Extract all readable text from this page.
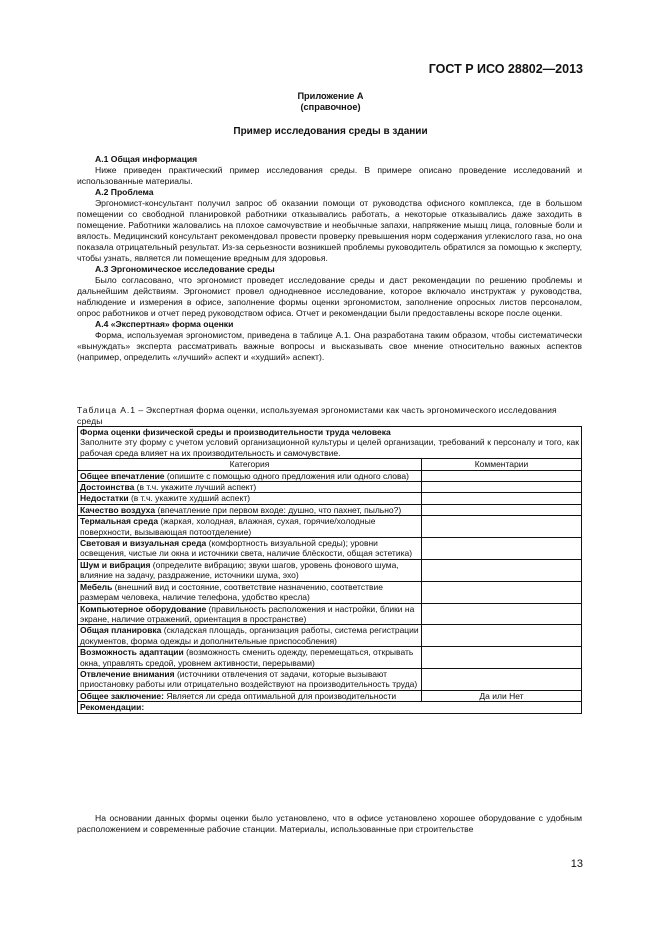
ГОСТ Р ИСО 28802—2013
Приложение А
(справочное)
Пример исследования среды в здании

А.1 Общая информация

Ниже приведен практический пример исследования среды. В примере описано проведение исследований и использованные материалы.

А.2 Проблема

Эргономист-консультант получил запрос об оказании помощи от руководства офисного комплекса, где в большом помещении со свободной планировкой работники отказывались работать, а некоторые отказывались даже заходить в помещение. Работники жаловались на плохое самочувствие и необычные запахи, напряжение мышц лица, головные боли и вялость. Медицинский консультант рекомендовал провести проверку превышения норм содержания углекислого газа, но она показала отрицательный результат. Из-за серьезности возникшей проблемы руководитель обратился за помощью к эксперту, чтобы узнать, является ли помещение вредным для здоровья.

А.3 Эргономическое исследование среды

Было согласовано, что эргономист проведет исследование среды и даст рекомендации по решению проблемы и дальнейшим действиям. Эргономист провел однодневное исследование, которое включало инструктаж у руководства, наблюдение и измерения в офисе, заполнение формы оценки эргономистом, заполнение опросных листов персоналом, опрос работников и отчет перед руководством офиса. Отчет и рекомендации были предоставлены вскоре после оценки.

А.4 «Экспертная» форма оценки

Форма, используемая эргономистом, приведена в таблице А.1. Она разработана таким образом, чтобы систематически «вынуждать» эксперта рассматривать важные вопросы и высказывать свое мнение относительно важных аспектов (например, определить «лучший» аспект и «худший» аспект).

Таблица А.1 – Экспертная форма оценки, используемая эргономистами как часть эргономического исследования среды
Форма оценки физической среды и производительности труда человека
Заполните эту форму с учетом условий организационной культуры и целей организации, требований к персоналу и того, как рабочая среда влияет на их производительность и самочувствие.	

Категория	Комментарии
Общее впечатление (опишите с помощью одного предложения или одного слова)	
Достоинства (в т.ч. укажите лучший аспект)	
Недостатки (в т.ч. укажите худший аспект)	
Качество воздуха (впечатление при первом входе: душно, что пахнет, пыльно?)	
Термальная среда (жаркая, холодная, влажная, сухая, горячие/холодные поверхности, вызывающая потоотделение)	
Световая и визуальная среда (комфортность визуальной среды); уровни освещения, чистые ли окна и источники света, наличие блёскости, общая эстетика)	
Шум и вибрация (определите вибрацию; звуки шагов, уровень фонового шума, влияние на задачу, раздражение, источники шума, эхо)	
Мебель (внешний вид и состояние, соответствие назначению, соответствие размерам человека, наличие телефона, удобство кресла)	
Компьютерное оборудование (правильность расположения и настройки, блики на экране, наличие отражений, ориентация в пространстве)	
Общая планировка (складская площадь, организация работы, система регистрации документов, форма одежды и дополнительные приспособления)	
Возможность адаптации (возможность сменить одежду, перемещаться, открывать окна, управлять средой, уровнем активности, перерывами)	
Отвлечение внимания (источники отвлечения от задачи, которые вызывают приостановку работы или отрицательно воздействуют на производительность труда)	
Общее заключение: Является ли среда оптимальной для производительности	Да или Нет
Рекомендации:	

На основании данных формы оценки было установлено, что в офисе установлено хорошее оборудование с удобным расположением и современные рабочие станции. Материалы, использованные при строительстве

13
